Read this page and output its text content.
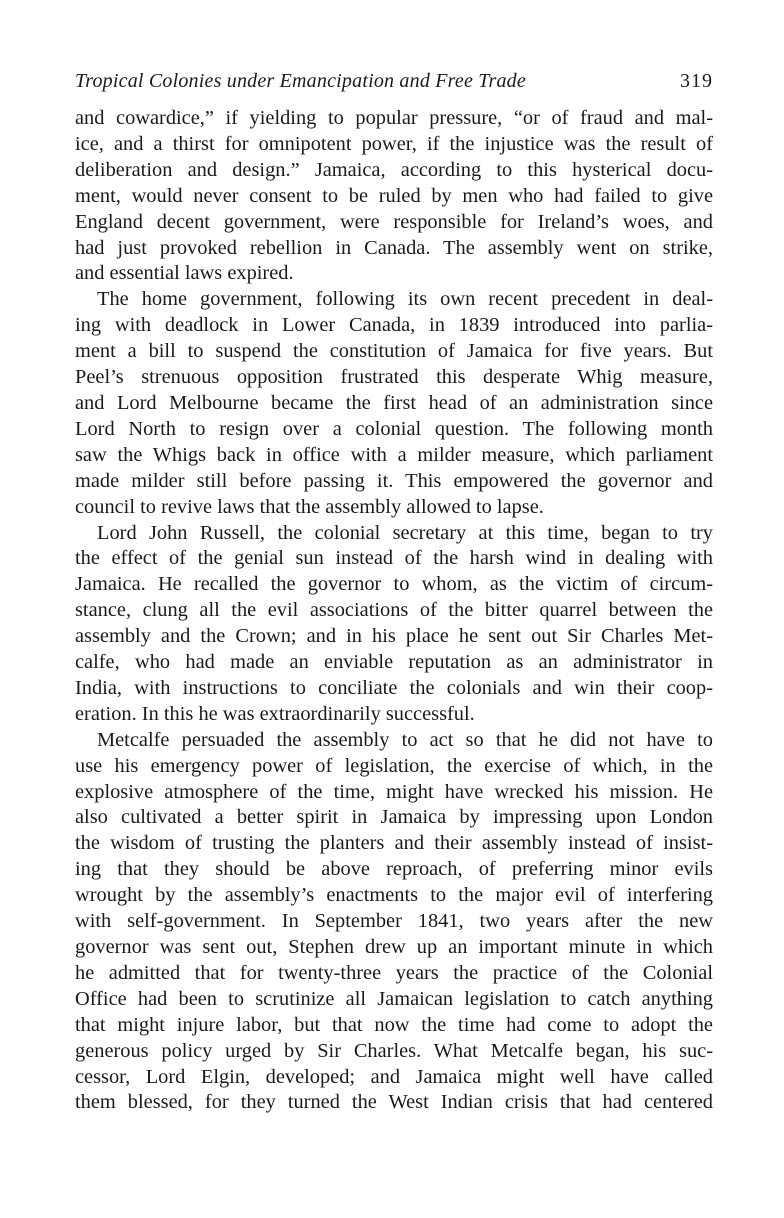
Tropical Colonies under Emancipation and Free Trade	319
and cowardice,” if yielding to popular pressure, “or of fraud and mal-
ice, and a thirst for omnipotent power, if the injustice was the result of
deliberation and design.” Jamaica, according to this hysterical docu-
ment, would never consent to be ruled by men who had failed to give
England decent government, were responsible for Ireland’s woes, and
had just provoked rebellion in Canada. The assembly went on strike,
and essential laws expired.
The home government, following its own recent precedent in deal-
ing with deadlock in Lower Canada, in 1839 introduced into parlia-
ment a bill to suspend the constitution of Jamaica for five years. But
Peel’s strenuous opposition frustrated this desperate Whig measure,
and Lord Melbourne became the first head of an administration since
Lord North to resign over a colonial question. The following month
saw the Whigs back in office with a milder measure, which parliament
made milder still before passing it. This empowered the governor and
council to revive laws that the assembly allowed to lapse.
Lord John Russell, the colonial secretary at this time, began to try
the effect of the genial sun instead of the harsh wind in dealing with
Jamaica. He recalled the governor to whom, as the victim of circum-
stance, clung all the evil associations of the bitter quarrel between the
assembly and the Crown; and in his place he sent out Sir Charles Met-
calfe, who had made an enviable reputation as an administrator in
India, with instructions to conciliate the colonials and win their coop-
eration. In this he was extraordinarily successful.
Metcalfe persuaded the assembly to act so that he did not have to
use his emergency power of legislation, the exercise of which, in the
explosive atmosphere of the time, might have wrecked his mission. He
also cultivated a better spirit in Jamaica by impressing upon London
the wisdom of trusting the planters and their assembly instead of insist-
ing that they should be above reproach, of preferring minor evils
wrought by the assembly’s enactments to the major evil of interfering
with self-government. In September 1841, two years after the new
governor was sent out, Stephen drew up an important minute in which
he admitted that for twenty-three years the practice of the Colonial
Office had been to scrutinize all Jamaican legislation to catch anything
that might injure labor, but that now the time had come to adopt the
generous policy urged by Sir Charles. What Metcalfe began, his suc-
cessor, Lord Elgin, developed; and Jamaica might well have called
them blessed, for they turned the West Indian crisis that had centered
